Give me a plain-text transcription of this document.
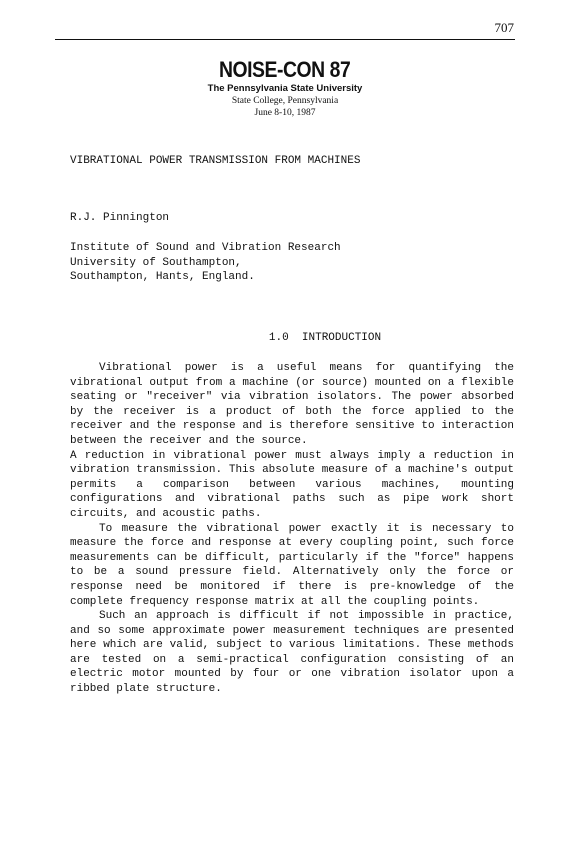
707
NOISE-CON 87
The Pennsylvania State University
State College, Pennsylvania
June 8-10, 1987
VIBRATIONAL POWER TRANSMISSION FROM MACHINES
R.J. Pinnington
Institute of Sound and Vibration Research
University of Southampton,
Southampton, Hants, England.
1.0  INTRODUCTION

Vibrational power is a useful means for quantifying the vibrational output from a machine (or source) mounted on a flexible seating or "receiver" via vibration isolators. The power absorbed by the receiver is a product of both the force applied to the receiver and the response and is therefore sensitive to interaction between the receiver and the source.

A reduction in vibrational power must always imply a reduction in vibration transmission. This absolute measure of a machine's output permits a comparison between various machines, mounting configurations and vibrational paths such as pipe work short circuits, and acoustic paths.

To measure the vibrational power exactly it is necessary to measure the force and response at every coupling point, such force measurements can be difficult, particularly if the "force" happens to be a sound pressure field. Alternatively only the force or response need be monitored if there is pre-knowledge of the complete frequency response matrix at all the coupling points.

Such an approach is difficult if not impossible in practice, and so some approximate power measurement techniques are presented here which are valid, subject to various limitations. These methods are tested on a semi-practical configuration consisting of an electric motor mounted by four or one vibration isolator upon a ribbed plate structure.
